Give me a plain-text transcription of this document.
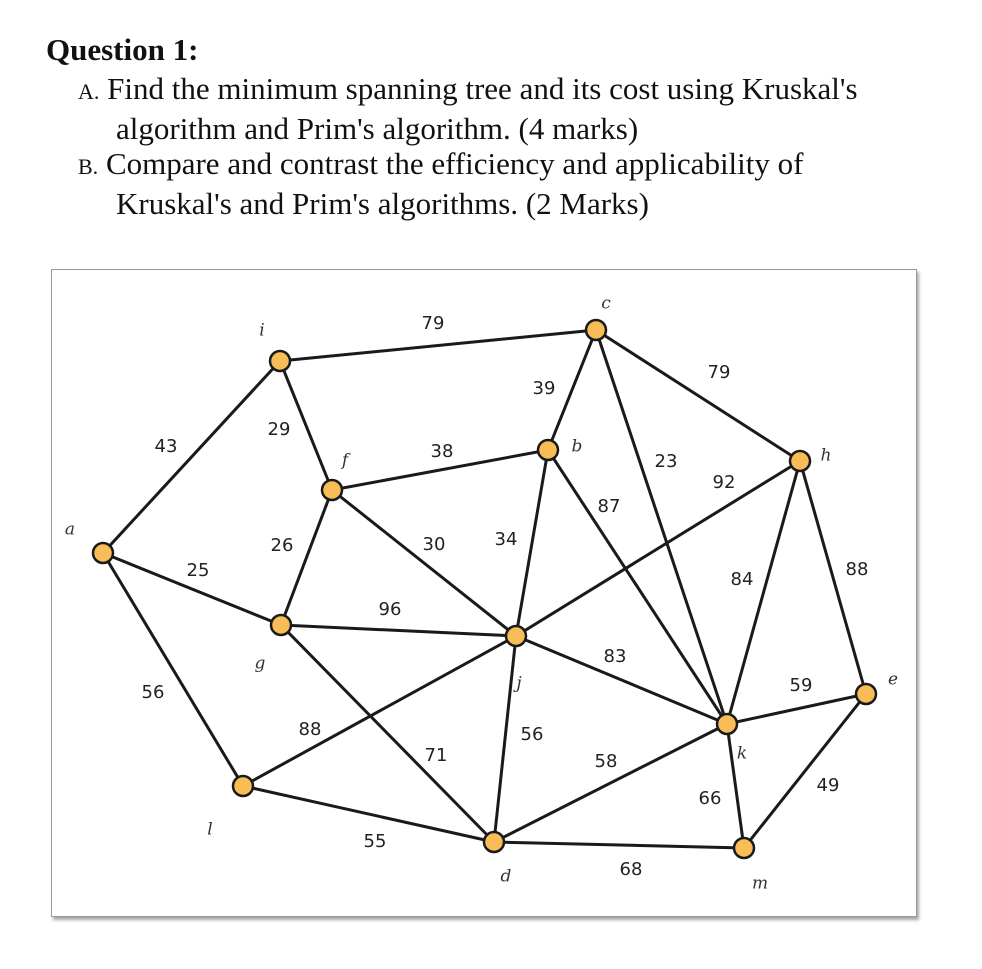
Question 1:

A. Find the minimum spanning tree and its cost using Kruskal's
algorithm and Prim's algorithm. (4 marks)

B. Compare and contrast the efficiency and applicability of
Kruskal's and Prim's algorithms. (2 Marks)

79
43
29
39
79
23
38
87
92
84	88
26	30	34
25
96
56
83
59
88
71
56
58
66
49
55
68
i
c
b	h
f
a
g
j	e
k
l
d	m
